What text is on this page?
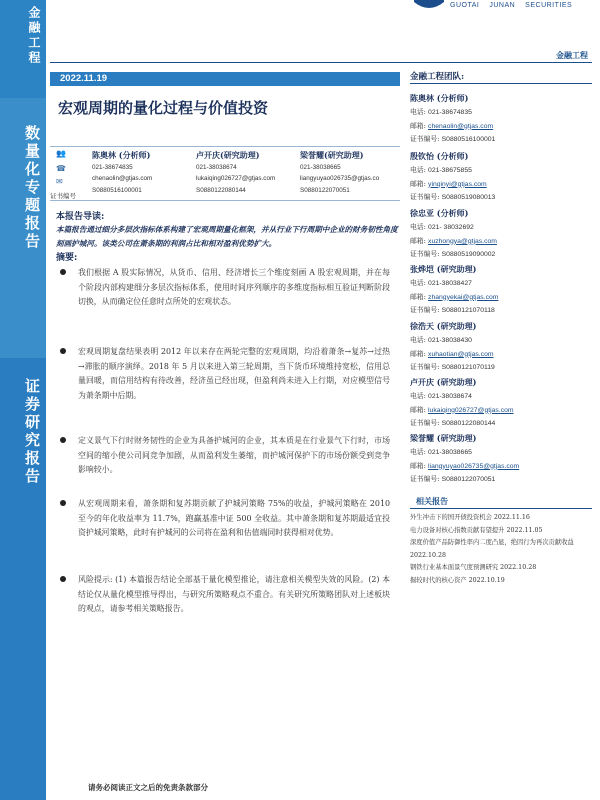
金融工程
数量化专题报告
证券研究报告
GUOTAI JUNAN SECURITIES
金融工程
2022.11.19
宏观周期的量化过程与价值投资
👥
☎
✉
证书编号
陈奥林 (分析师)
021-38674835
chenaolin@gtjas.com
S0880516100001
卢开庆(研究助理)
021-38038674
lukaiqing026727@gtjas.com
S0880122080144
梁誉耀(研究助理)
021-38038665
liangyuyao026735@gtjas.co
S0880122070051
本报告导读:
本篇报告通过细分多层次指标体系构建了宏观周期量化框架，并从行业下行周期中企业的财务韧性角度刻画护城河。该类公司在萧条期的利润占比和相对盈利优势扩大。
摘要:
我们根据 A 股实际情况，从货币、信用、经济增长三个维度刻画 A 股宏观周期，并在每个阶段内部构建细分多层次指标体系，使用时间序列顺序的多维度指标相互验证判断阶段切换，从而确定位任意时点所处的宏观状态。
宏观周期复盘结果表明 2012 年以来存在两轮完整的宏观周期，均沿着萧条→复苏→过热→滞胀的顺序演绎。2018 年 5 月以来进入第三轮周期，当下货币环境维持宽松，信用总量回暖，而信用结构有待改善，经济虽已经出现，但盈利尚未进入上行期，对应模型信号为萧条期中后期。
定义景气下行时财务韧性的企业为具备护城河的企业，其本质是在行业景气下行时，市场空间的缩小使公司间竞争加剧，从而盈利发生萎缩，而护城河保护下的市场份额受到竞争影响较小。
从宏观周期来看，萧条期和复苏期贡献了护城河策略 75%的收益，护城河策略在 2010 至今的年化收益率为 11.7%，跑赢基准中证 500 全收益。其中萧条期和复苏期最适宜投资护城河策略，此时有护城河的公司将在盈利和估值端同时获得相对优势。
风险提示: (1) 本篇报告结论全部基于量化模型推论，请注意相关模型失效的风险。(2) 本结论仅从量化模型推导得出，与研究所策略观点不重合。有关研究所策略团队对上述板块的观点，请参考相关策略报告。
金融工程团队:
陈奥林 (分析师)
电话: 021-38674835
邮箱: chenaolin@gtjas.com
证书编号: S0880516100001
殷钦怡 (分析师)
电话: 021-38675855
邮箱: yinqinyi@gtjas.com
证书编号: S0880519080013
徐忠亚 (分析师)
电话: 021- 38032692
邮箱: xuzhongya@gtjas.com
证书编号: S0880519090002
张烨垲 (研究助理)
电话: 021-38038427
邮箱: zhangyekai@gtjas.com
证书编号: S0880121070118
徐浩天 (研究助理)
电话: 021-38038430
邮箱: xuhaotian@gtjas.com
证书编号: S0880121070119
卢开庆 (研究助理)
电话: 021-38038674
邮箱: lukaiqing026727@gtjas.com
证书编号: S0880122080144
梁誉耀 (研究助理)
电话: 021-38038665
邮箱: liangyuyao026735@gtjas.com
证书编号: S0880122070051
相关报告
外生冲击下的国开债投资机会 2022.11.16
电力设备对核心指数贡献有望提升 2022.11.05
深度价值产品防御性率内二度凸显，绝因行为再次贡献收益 2022.10.28
钢铁行业基本面景气度预测研究 2022.10.28
掘较时代的核心资产 2022.10.19
请务必阅读正文之后的免责条款部分
